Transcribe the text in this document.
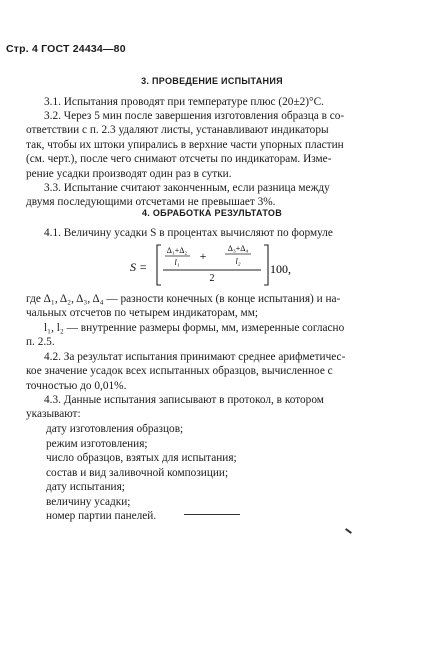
Стр. 4 ГОСТ 24434—80
3. ПРОВЕДЕНИЕ ИСПЫТАНИЯ
3.1. Испытания проводят при температуре плюс (20±2)°С.
3.2. Через 5 мин после завершения изготовления образца в со-
ответствии с п. 2.3 удаляют листы, устанавливают индикаторы
так, чтобы их штоки упирались в верхние части упорных пластин
(см. черт.), после чего снимают отсчеты по индикаторам. Изме-
рение усадки производят один раз в сутки.
3.3. Испытание считают законченным, если разница между
двумя последующими отсчетами не превышает 3%.
4. ОБРАБОТКА РЕЗУЛЬТАТОВ
4.1. Величину усадки S в процентах вычисляют по формуле
S =
Δ₁+Δ₂
l₁ +
Δ₃+Δ₄
l₂
2
100,
где Δ₁, Δ₂, Δ₃, Δ₄ — разности конечных (в конце испытания) и на-
чальных отсчетов по четырем индикаторам, мм;
l₁, l₂ — внутренние размеры формы, мм, измеренные согласно
п. 2.5.
4.2. За результат испытания принимают среднее арифметичес-
кое значение усадок всех испытанных образцов, вычисленное с
точностью до 0,01%.
4.3. Данные испытания записывают в протокол, в котором
указывают:
дату изготовления образцов;
режим изготовления;
число образцов, взятых для испытания;
состав и вид заливочной композиции;
дату испытания;
величину усадки;
номер партии панелей.
